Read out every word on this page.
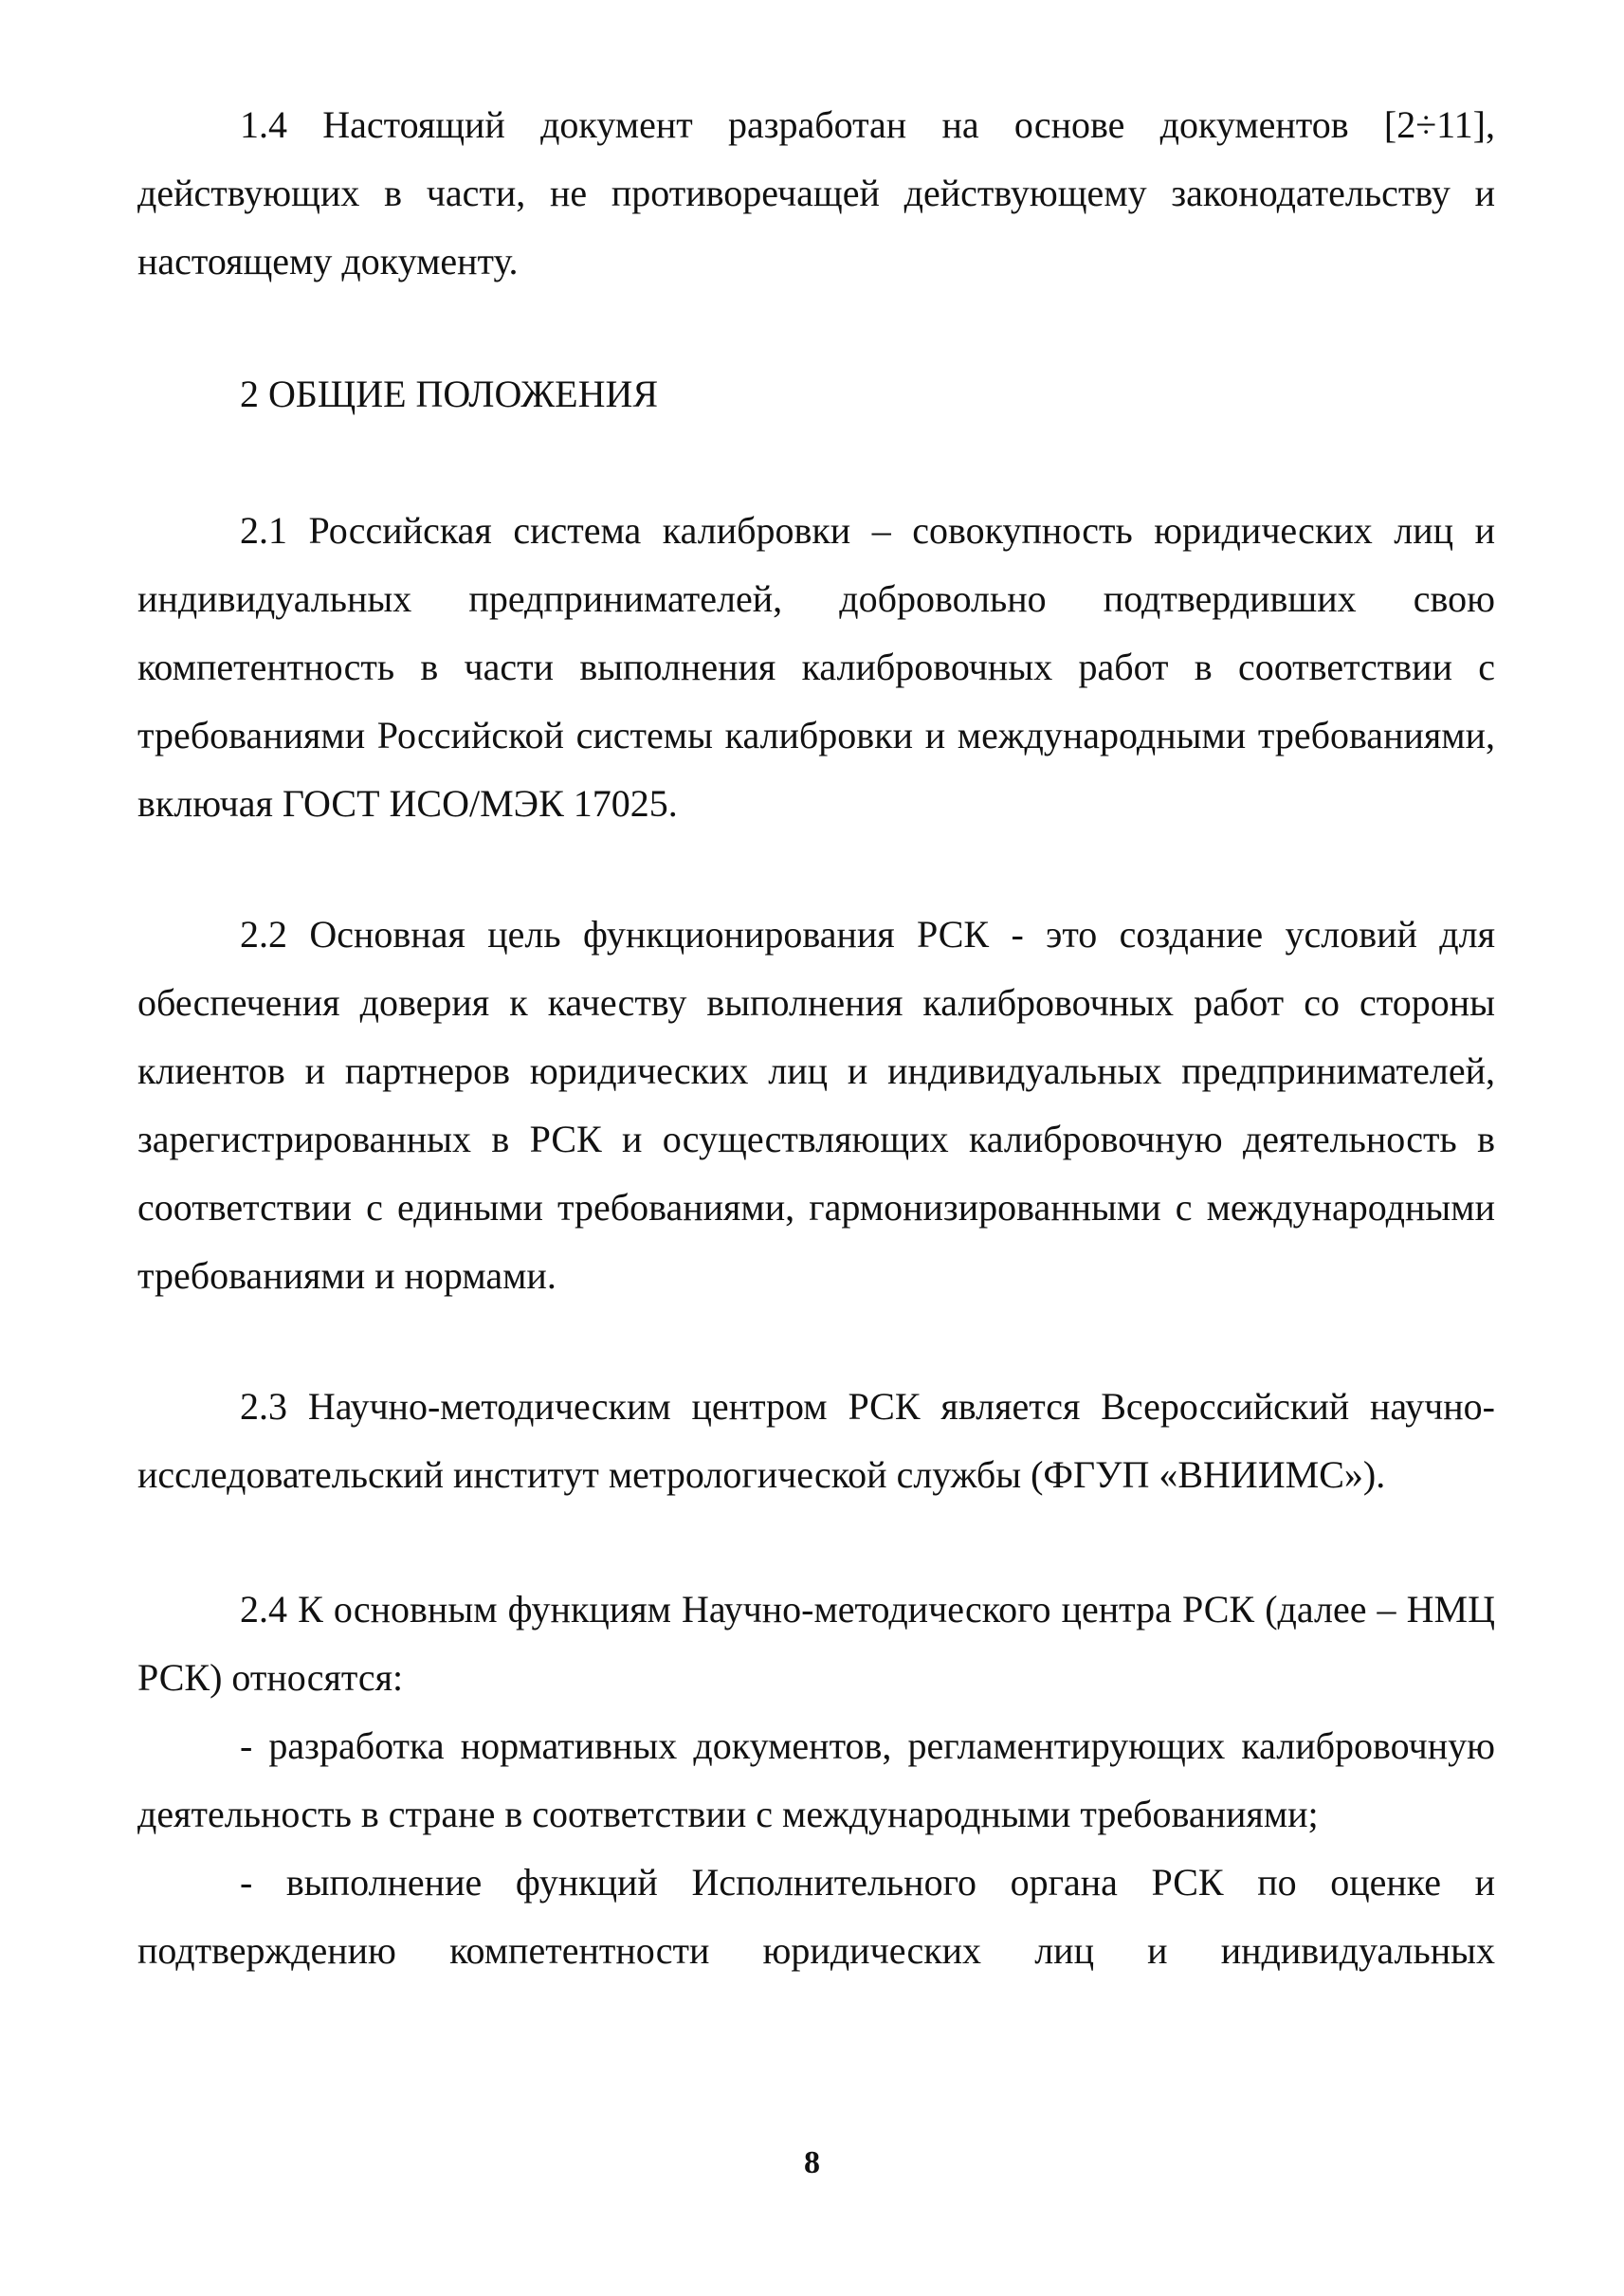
1.4 Настоящий документ разработан на основе документов [2÷11], действующих в части, не противоречащей действующему законодательству и настоящему документу.

2 ОБЩИЕ ПОЛОЖЕНИЯ

2.1 Российская система калибровки – совокупность юридических лиц и индивидуальных предпринимателей, добровольно подтвердивших свою компетентность в части выполнения калибровочных работ в соответствии с требованиями Российской системы калибровки и международными требованиями, включая ГОСТ ИСО/МЭК 17025.

2.2 Основная цель функционирования РСК - это создание условий для обеспечения доверия к качеству выполнения калибровочных работ со стороны клиентов и партнеров юридических лиц и индивидуальных предпринимателей, зарегистрированных в РСК и осуществляющих калибровочную деятельность в соответствии с едиными требованиями, гармонизированными с международными требованиями и нормами.

2.3 Научно-методическим центром РСК является Всероссийский научно-исследовательский институт метрологической службы (ФГУП «ВНИИМС»).

2.4 К основным функциям Научно-методического центра РСК (далее – НМЦ РСК) относятся:

- разработка нормативных документов, регламентирующих калибровочную деятельность в стране в соответствии с международными требованиями;

- выполнение функций Исполнительного органа РСК по оценке и подтверждению компетентности юридических лиц и индивидуальных

8
